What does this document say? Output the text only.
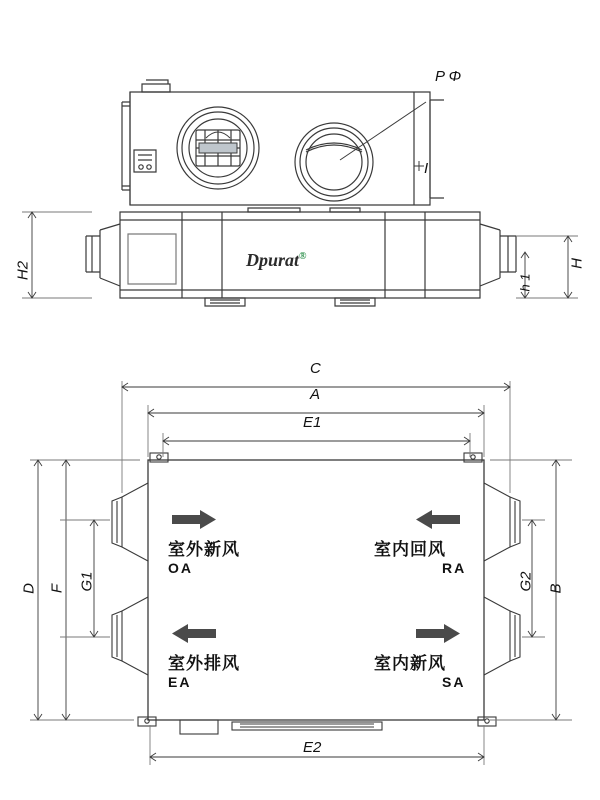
P Φ
I
H2	H
h 1
Dpurat®
C
A
E1
E2
D F G1	G2 B
室外新风
OA
室内回风
RA
室外排风
EA
室内新风
SA
